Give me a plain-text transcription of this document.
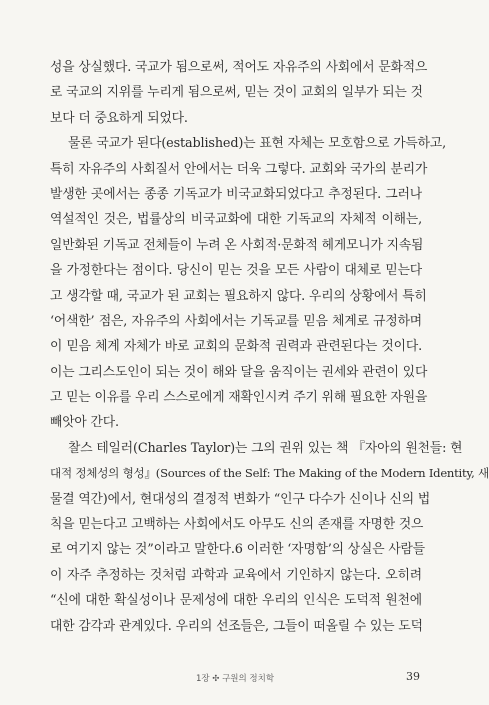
성을 상실했다. 국교가 됨으로써, 적어도 자유주의 사회에서 문화적으
로 국교의 지위를 누리게 됨으로써, 믿는 것이 교회의 일부가 되는 것
보다 더 중요하게 되었다.
물론 국교가 된다(established)는 표현 자체는 모호함으로 가득하고,
특히 자유주의 사회질서 안에서는 더욱 그렇다. 교회와 국가의 분리가
발생한 곳에서는 종종 기독교가 비국교화되었다고 추정된다. 그러나
역설적인 것은, 법률상의 비국교화에 대한 기독교의 자체적 이해는,
일반화된 기독교 전체들이 누려 온 사회적·문화적 헤게모니가 지속됨
을 가정한다는 점이다. 당신이 믿는 것을 모든 사람이 대체로 믿는다
고 생각할 때, 국교가 된 교회는 필요하지 않다. 우리의 상황에서 특히
‘어색한’ 점은, 자유주의 사회에서는 기독교를 믿음 체계로 규정하며
이 믿음 체계 자체가 바로 교회의 문화적 권력과 관련된다는 것이다.
이는 그리스도인이 되는 것이 해와 달을 움직이는 권세와 관련이 있다
고 믿는 이유를 우리 스스로에게 재확인시켜 주기 위해 필요한 자원을
빼앗아 간다.
찰스 테일러(Charles Taylor)는 그의 권위 있는 책 『자아의 원천들: 현
대적 정체성의 형성』(Sources of the Self: The Making of the Modern Identity, 새
물결 역간)에서, 현대성의 결정적 변화가 “인구 다수가 신이나 신의 법
칙을 믿는다고 고백하는 사회에서도 아무도 신의 존재를 자명한 것으
로 여기지 않는 것”이라고 말한다.6 이러한 ‘자명함’의 상실은 사람들
이 자주 추정하는 것처럼 과학과 교육에서 기인하지 않는다. 오히려
“신에 대한 확실성이나 문제성에 대한 우리의 인식은 도덕적 원천에
대한 감각과 관계있다. 우리의 선조들은, 그들이 떠올릴 수 있는 도덕
1장 ✣ 구원의 정치학	39
